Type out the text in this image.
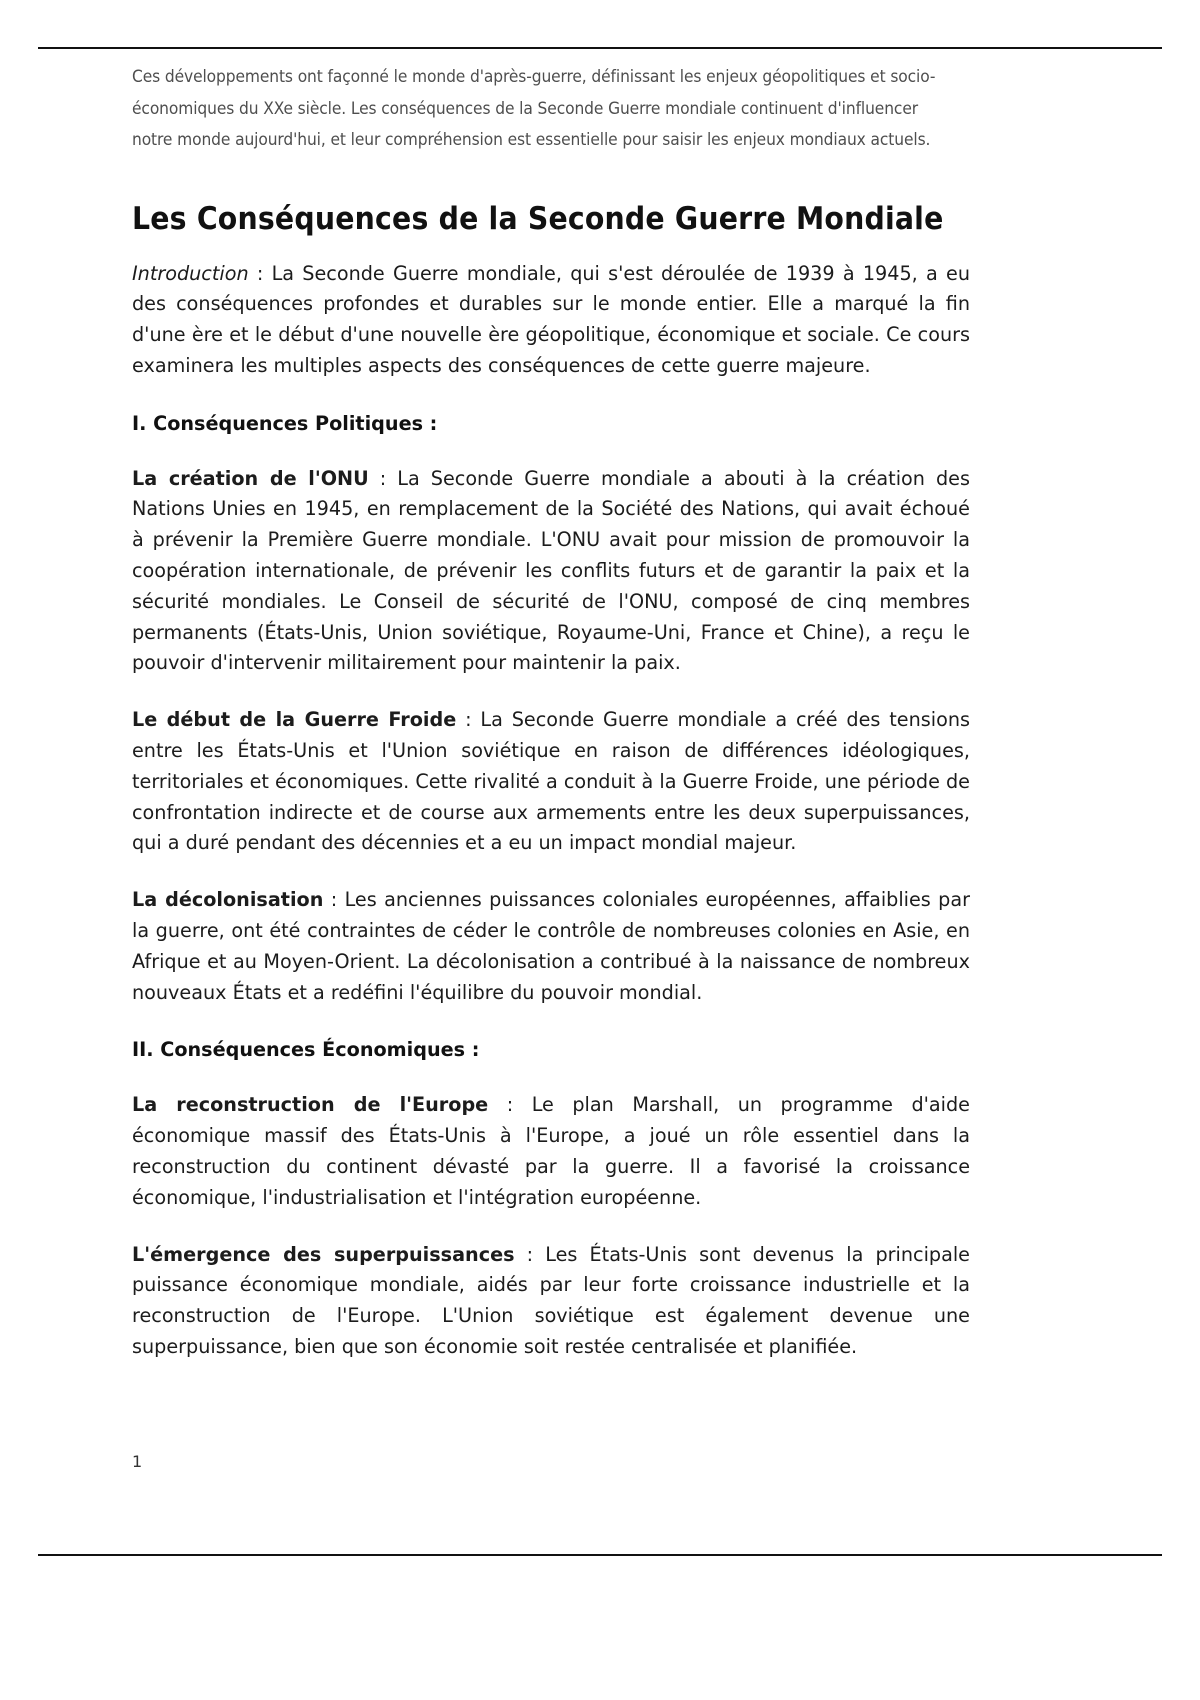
Ces développements ont façonné le monde d'après-guerre, définissant les enjeux géopolitiques et socio-économiques du XXe siècle. Les conséquences de la Seconde Guerre mondiale continuent d'influencer notre monde aujourd'hui, et leur compréhension est essentielle pour saisir les enjeux mondiaux actuels.

Les Conséquences de la Seconde Guerre Mondiale

Introduction : La Seconde Guerre mondiale, qui s'est déroulée de 1939 à 1945, a eu des conséquences profondes et durables sur le monde entier. Elle a marqué la fin d'une ère et le début d'une nouvelle ère géopolitique, économique et sociale. Ce cours examinera les multiples aspects des conséquences de cette guerre majeure.

I. Conséquences Politiques :

La création de l'ONU : La Seconde Guerre mondiale a abouti à la création des Nations Unies en 1945, en remplacement de la Société des Nations, qui avait échoué à prévenir la Première Guerre mondiale. L'ONU avait pour mission de promouvoir la coopération internationale, de prévenir les conflits futurs et de garantir la paix et la sécurité mondiales. Le Conseil de sécurité de l'ONU, composé de cinq membres permanents (États-Unis, Union soviétique, Royaume-Uni, France et Chine), a reçu le pouvoir d'intervenir militairement pour maintenir la paix.

Le début de la Guerre Froide : La Seconde Guerre mondiale a créé des tensions entre les États-Unis et l'Union soviétique en raison de différences idéologiques, territoriales et économiques. Cette rivalité a conduit à la Guerre Froide, une période de confrontation indirecte et de course aux armements entre les deux superpuissances, qui a duré pendant des décennies et a eu un impact mondial majeur.

La décolonisation : Les anciennes puissances coloniales européennes, affaiblies par la guerre, ont été contraintes de céder le contrôle de nombreuses colonies en Asie, en Afrique et au Moyen-Orient. La décolonisation a contribué à la naissance de nombreux nouveaux États et a redéfini l'équilibre du pouvoir mondial.

II. Conséquences Économiques :

La reconstruction de l'Europe : Le plan Marshall, un programme d'aide économique massif des États-Unis à l'Europe, a joué un rôle essentiel dans la reconstruction du continent dévasté par la guerre. Il a favorisé la croissance économique, l'industrialisation et l'intégration européenne.

L'émergence des superpuissances : Les États-Unis sont devenus la principale puissance économique mondiale, aidés par leur forte croissance industrielle et la reconstruction de l'Europe. L'Union soviétique est également devenue une superpuissance, bien que son économie soit restée centralisée et planifiée.

1
